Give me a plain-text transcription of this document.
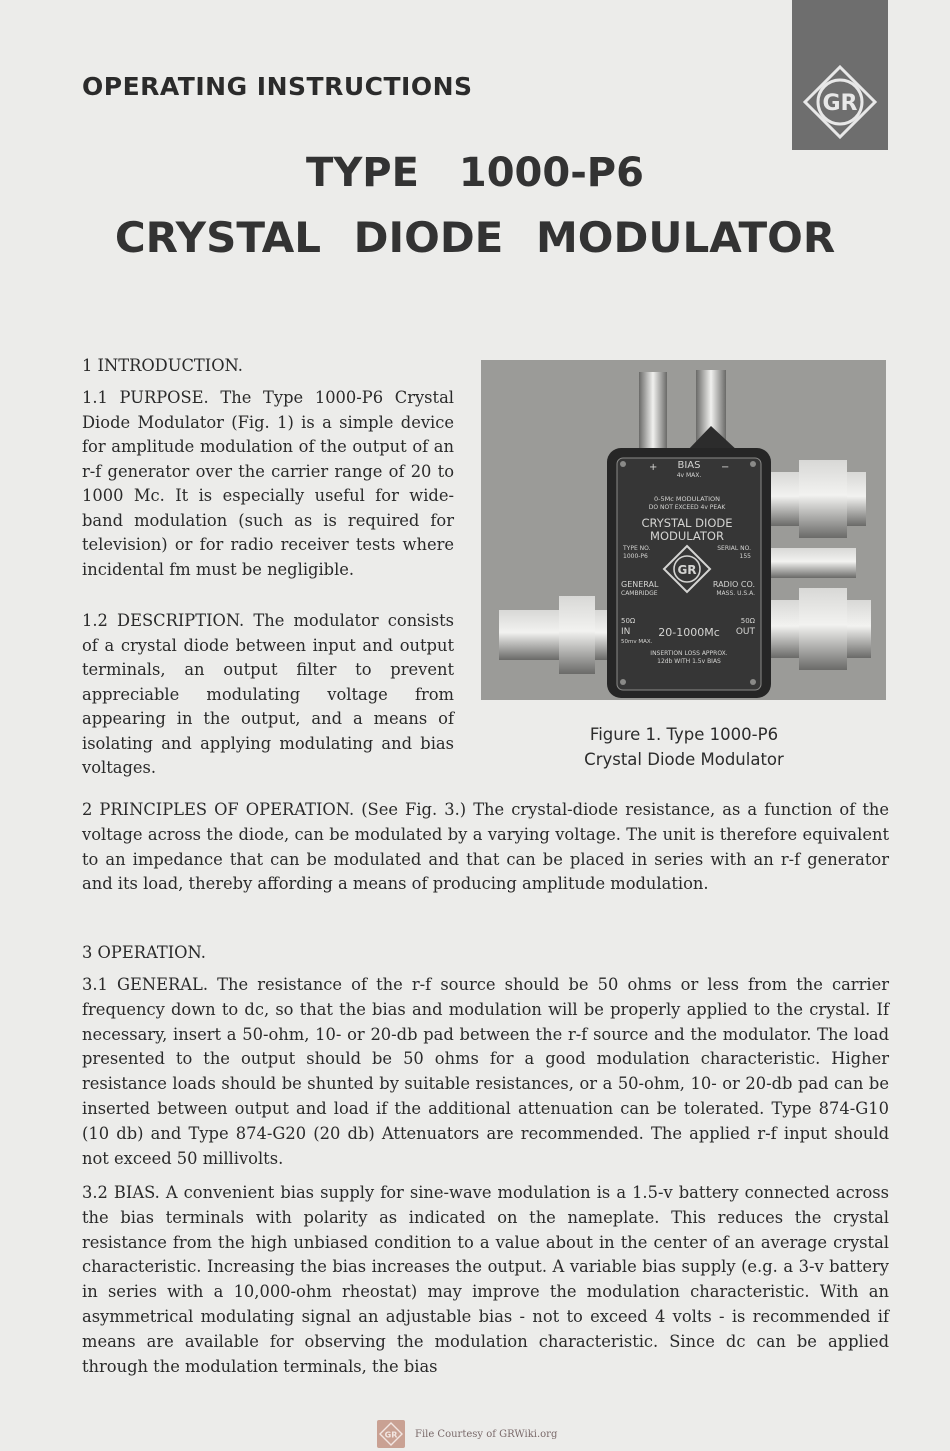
OPERATING INSTRUCTIONS
GR
TYPE 1000-P6
CRYSTAL DIODE MODULATOR
1 INTRODUCTION.
1.1 PURPOSE. The Type 1000-P6 Crystal Diode Modulator (Fig. 1) is a simple device for amplitude modulation of the output of an r-f generator over the carrier range of 20 to 1000 Mc. It is especially useful for wide-band modulation (such as is required for television) or for radio receiver tests where incidental fm must be negligible.
1.2 DESCRIPTION. The modulator consists of a crystal diode between input and output terminals, an output filter to prevent appreciable modulating voltage from appearing in the output, and a means of isolating and applying modulating and bias voltages.
+ BIAS
4v MAX.
−
0-5Mc MODULATION
DO NOT EXCEED 4v PEAK
CRYSTAL DIODE
MODULATOR
TYPE NO.
1000-P6
SERIAL NO.
155
GENERAL
CAMBRIDGE
RADIO CO.
MASS. U.S.A.
50Ω
IN
50mv MAX.
20-1000Mc
50Ω
OUT
INSERTION LOSS APPROX.
12db WITH 1.5v BIAS
GR
Figure 1. Type 1000-P6
Crystal Diode Modulator
2 PRINCIPLES OF OPERATION. (See Fig. 3.) The crystal-diode resistance, as a function of the voltage across the diode, can be modulated by a varying voltage. The unit is therefore equivalent to an impedance that can be modulated and that can be placed in series with an r-f generator and its load, thereby affording a means of producing amplitude modulation.
3 OPERATION.
3.1 GENERAL. The resistance of the r-f source should be 50 ohms or less from the carrier frequency down to dc, so that the bias and modulation will be properly applied to the crystal. If necessary, insert a 50-ohm, 10- or 20-db pad between the r-f source and the modulator. The load presented to the output should be 50 ohms for a good modulation characteristic. Higher resistance loads should be shunted by suitable resistances, or a 50-ohm, 10- or 20-db pad can be inserted between output and load if the additional attenuation can be tolerated. Type 874-G10 (10 db) and Type 874-G20 (20 db) Attenuators are recommended. The applied r-f input should not exceed 50 millivolts.
3.2 BIAS. A convenient bias supply for sine-wave modulation is a 1.5-v battery connected across the bias terminals with polarity as indicated on the nameplate. This reduces the crystal resistance from the high unbiased condition to a value about in the center of an average crystal characteristic. Increasing the bias increases the output. A variable bias supply (e.g. a 3-v battery in series with a 10,000-ohm rheostat) may improve the modulation characteristic. With an asymmetrical modulating signal an adjustable bias - not to exceed 4 volts - is recommended if means are available for observing the modulation characteristic. Since dc can be applied through the modulation terminals, the bias
GR File Courtesy of GRWiki.org
